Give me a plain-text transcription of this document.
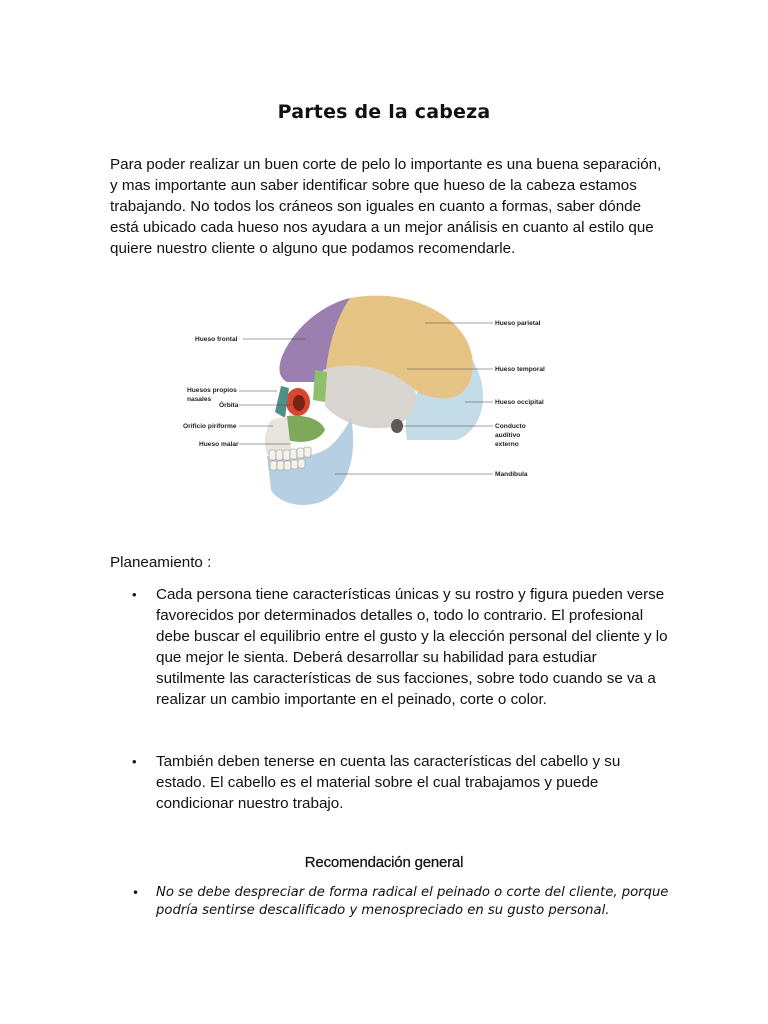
Partes de la cabeza

Para poder realizar un buen corte de pelo lo importante es una buena separación, y mas importante aun saber identificar sobre que hueso de la cabeza estamos trabajando. No todos los cráneos son iguales en cuanto a formas, saber dónde está ubicado cada hueso nos ayudara a un mejor análisis en cuanto al estilo que quiere nuestro cliente o alguno que podamos recomendarle.

Hueso frontal
Huesos propios
nasales
Órbita
Orificio piriforme
Hueso malar
Hueso parietal
Hueso temporal
Hueso occipital
Conducto
auditivo
externo
Mandíbula

Planeamiento :

• Cada persona tiene características únicas y su rostro y figura pueden verse favorecidos por determinados detalles o, todo lo contrario. El profesional debe buscar el equilibrio entre el gusto y la elección personal del cliente y lo que mejor le sienta. Deberá desarrollar su habilidad para estudiar sutilmente las características de sus facciones, sobre todo cuando se va a realizar un cambio importante en el peinado, corte o color.
• También deben tenerse en cuenta las características del cabello y su estado. El cabello es el material sobre el cual trabajamos y puede condicionar nuestro trabajo.
Recomendación general
• No se debe despreciar de forma radical el peinado o corte del cliente, porque podría sentirse descalificado y menospreciado en su gusto personal.
